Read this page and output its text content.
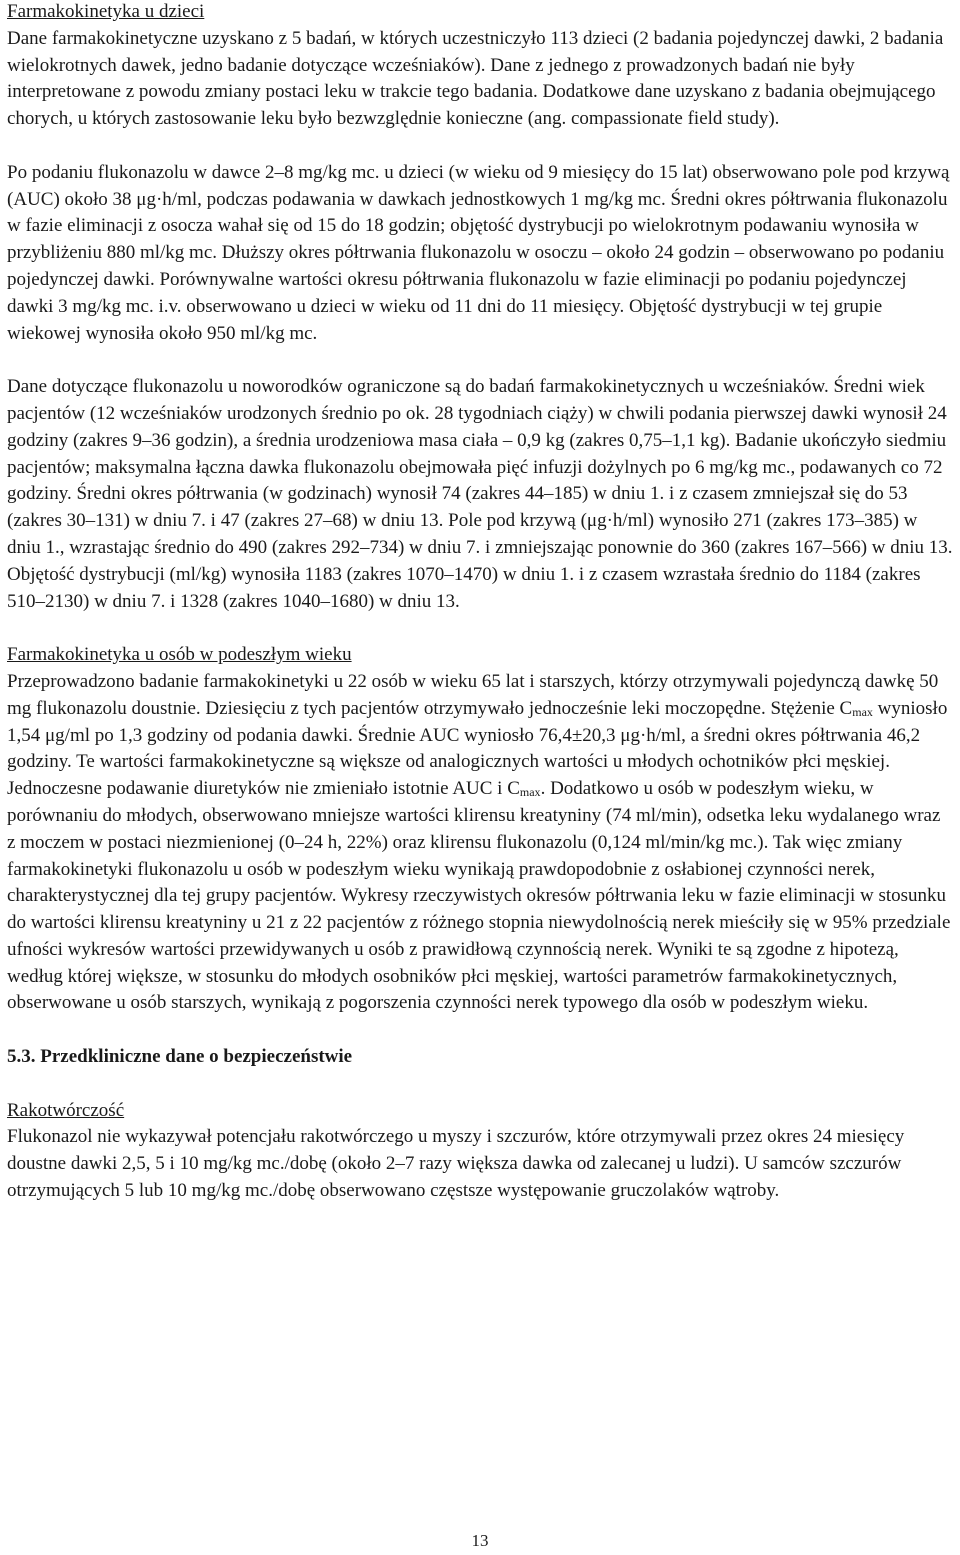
Farmakokinetyka u dzieci

Dane farmakokinetyczne uzyskano z 5 badań, w których uczestniczyło 113 dzieci (2 badania pojedynczej dawki, 2 badania wielokrotnych dawek, jedno badanie dotyczące wcześniaków). Dane z jednego z prowadzonych badań nie były interpretowane z powodu zmiany postaci leku w trakcie tego badania. Dodatkowe dane uzyskano z badania obejmującego chorych, u których zastosowanie leku było bezwzględnie konieczne (ang. compassionate field study).

Po podaniu flukonazolu w dawce 2–8 mg/kg mc. u dzieci (w wieku od 9 miesięcy do 15 lat) obserwowano pole pod krzywą (AUC) około 38 μg·h/ml, podczas podawania w dawkach jednostkowych 1 mg/kg mc. Średni okres półtrwania flukonazolu w fazie eliminacji z osocza wahał się od 15 do 18 godzin; objętość dystrybucji po wielokrotnym podawaniu wynosiła w przybliżeniu 880 ml/kg mc. Dłuższy okres półtrwania flukonazolu w osoczu – około 24 godzin – obserwowano po podaniu pojedynczej dawki. Porównywalne wartości okresu półtrwania flukonazolu w fazie eliminacji po podaniu pojedynczej dawki 3 mg/kg mc. i.v. obserwowano u dzieci w wieku od 11 dni do 11 miesięcy. Objętość dystrybucji w tej grupie wiekowej wynosiła około 950 ml/kg mc.

Dane dotyczące flukonazolu u noworodków ograniczone są do badań farmakokinetycznych u wcześniaków. Średni wiek pacjentów (12 wcześniaków urodzonych średnio po ok. 28 tygodniach ciąży) w chwili podania pierwszej dawki wynosił 24 godziny (zakres 9–36 godzin), a średnia urodzeniowa masa ciała – 0,9 kg (zakres 0,75–1,1 kg). Badanie ukończyło siedmiu pacjentów; maksymalna łączna dawka flukonazolu obejmowała pięć infuzji dożylnych po 6 mg/kg mc., podawanych co 72 godziny. Średni okres półtrwania (w godzinach) wynosił 74 (zakres 44–185) w dniu 1. i z czasem zmniejszał się do 53 (zakres 30–131) w dniu 7. i 47 (zakres 27–68) w dniu 13. Pole pod krzywą (μg·h/ml) wynosiło 271 (zakres 173–385) w dniu 1., wzrastając średnio do 490 (zakres 292–734) w dniu 7. i zmniejszając ponownie do 360 (zakres 167–566) w dniu 13. Objętość dystrybucji (ml/kg) wynosiła 1183 (zakres 1070–1470) w dniu 1. i z czasem wzrastała średnio do 1184 (zakres 510–2130) w dniu 7. i 1328 (zakres 1040–1680) w dniu 13.

Farmakokinetyka u osób w podeszłym wieku

Przeprowadzono badanie farmakokinetyki u 22 osób w wieku 65 lat i starszych, którzy otrzymywali pojedynczą dawkę 50 mg flukonazolu doustnie. Dziesięciu z tych pacjentów otrzymywało jednocześnie leki moczopędne. Stężenie $C_{max}$ wyniosło 1,54 μg/ml po 1,3 godziny od podania dawki. Średnie AUC wyniosło 76,4±20,3 μg·h/ml, a średni okres półtrwania 46,2 godziny. Te wartości farmakokinetyczne są większe od analogicznych wartości u młodych ochotników płci męskiej. Jednoczesne podawanie diuretyków nie zmieniało istotnie AUC i $C_{max}$. Dodatkowo u osób w podeszłym wieku, w porównaniu do młodych, obserwowano mniejsze wartości klirensu kreatyniny (74 ml/min), odsetka leku wydalanego wraz z moczem w postaci niezmienionej (0–24 h, 22%) oraz klirensu flukonazolu (0,124 ml/min/kg mc.). Tak więc zmiany farmakokinetyki flukonazolu u osób w podeszłym wieku wynikają prawdopodobnie z osłabionej czynności nerek, charakterystycznej dla tej grupy pacjentów. Wykresy rzeczywistych okresów półtrwania leku w fazie eliminacji w stosunku do wartości klirensu kreatyniny u 21 z 22 pacjentów z różnego stopnia niewydolnością nerek mieściły się w 95% przedziale ufności wykresów wartości przewidywanych u osób z prawidłową czynnością nerek. Wyniki te są zgodne z hipotezą, według której większe, w stosunku do młodych osobników płci męskiej, wartości parametrów farmakokinetycznych, obserwowane u osób starszych, wynikają z pogorszenia czynności nerek typowego dla osób w podeszłym wieku.

5.3. Przedkliniczne dane o bezpieczeństwie

Rakotwórczość

Flukonazol nie wykazywał potencjału rakotwórczego u myszy i szczurów, które otrzymywali przez okres 24 miesięcy doustne dawki 2,5, 5 i 10 mg/kg mc./dobę (około 2–7 razy większa dawka od zalecanej u ludzi). U samców szczurów otrzymujących 5 lub 10 mg/kg mc./dobę obserwowano częstsze występowanie gruczolaków wątroby.

13
